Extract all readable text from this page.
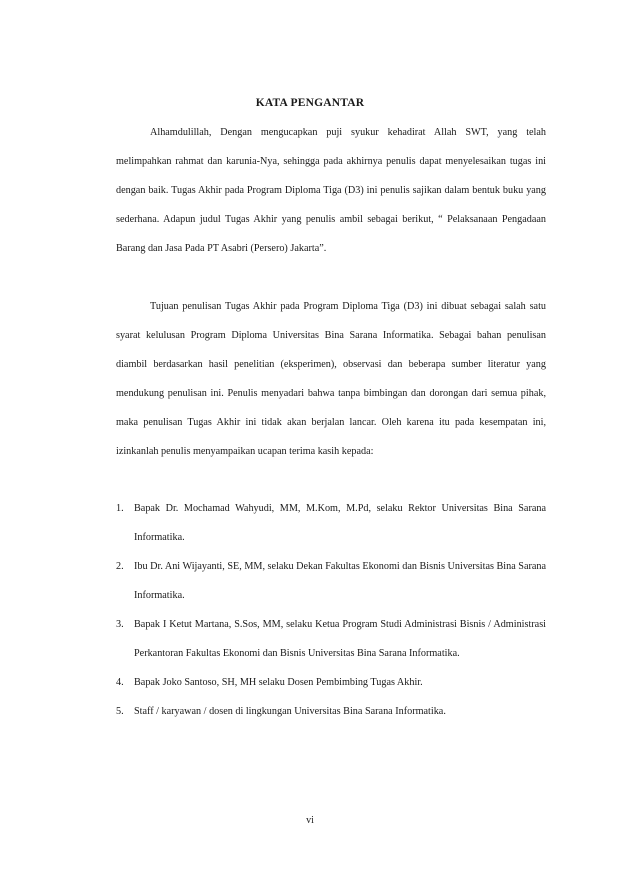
KATA PENGANTAR

Alhamdulillah, Dengan mengucapkan puji syukur kehadirat Allah SWT, yang telah melimpahkan rahmat dan karunia-Nya, sehingga pada akhirnya penulis dapat menyelesaikan tugas ini dengan baik. Tugas Akhir pada Program Diploma Tiga (D3) ini penulis sajikan dalam bentuk buku yang sederhana. Adapun judul Tugas Akhir yang penulis ambil sebagai berikut, “ Pelaksanaan Pengadaan Barang dan Jasa Pada PT Asabri (Persero) Jakarta”.

Tujuan penulisan Tugas Akhir pada Program Diploma Tiga (D3) ini dibuat sebagai salah satu syarat kelulusan Program Diploma Universitas Bina Sarana Informatika. Sebagai bahan penulisan diambil berdasarkan hasil penelitian (eksperimen), observasi dan beberapa sumber literatur yang mendukung penulisan ini. Penulis menyadari bahwa tanpa bimbingan dan dorongan dari semua pihak, maka penulisan Tugas Akhir ini tidak akan berjalan lancar. Oleh karena itu pada kesempatan ini, izinkanlah penulis menyampaikan ucapan terima kasih kepada:

1. Bapak Dr. Mochamad Wahyudi, MM, M.Kom, M.Pd, selaku Rektor Universitas Bina Sarana Informatika.
2. Ibu Dr. Ani Wijayanti, SE, MM, selaku Dekan Fakultas Ekonomi dan Bisnis Universitas Bina Sarana Informatika.
3. Bapak I Ketut Martana, S.Sos, MM, selaku Ketua Program Studi Administrasi Bisnis / Administrasi Perkantoran Fakultas Ekonomi dan Bisnis Universitas Bina Sarana Informatika.
4. Bapak Joko Santoso, SH, MH selaku Dosen Pembimbing Tugas Akhir.
5. Staff / karyawan / dosen di lingkungan Universitas Bina Sarana Informatika.
vi
